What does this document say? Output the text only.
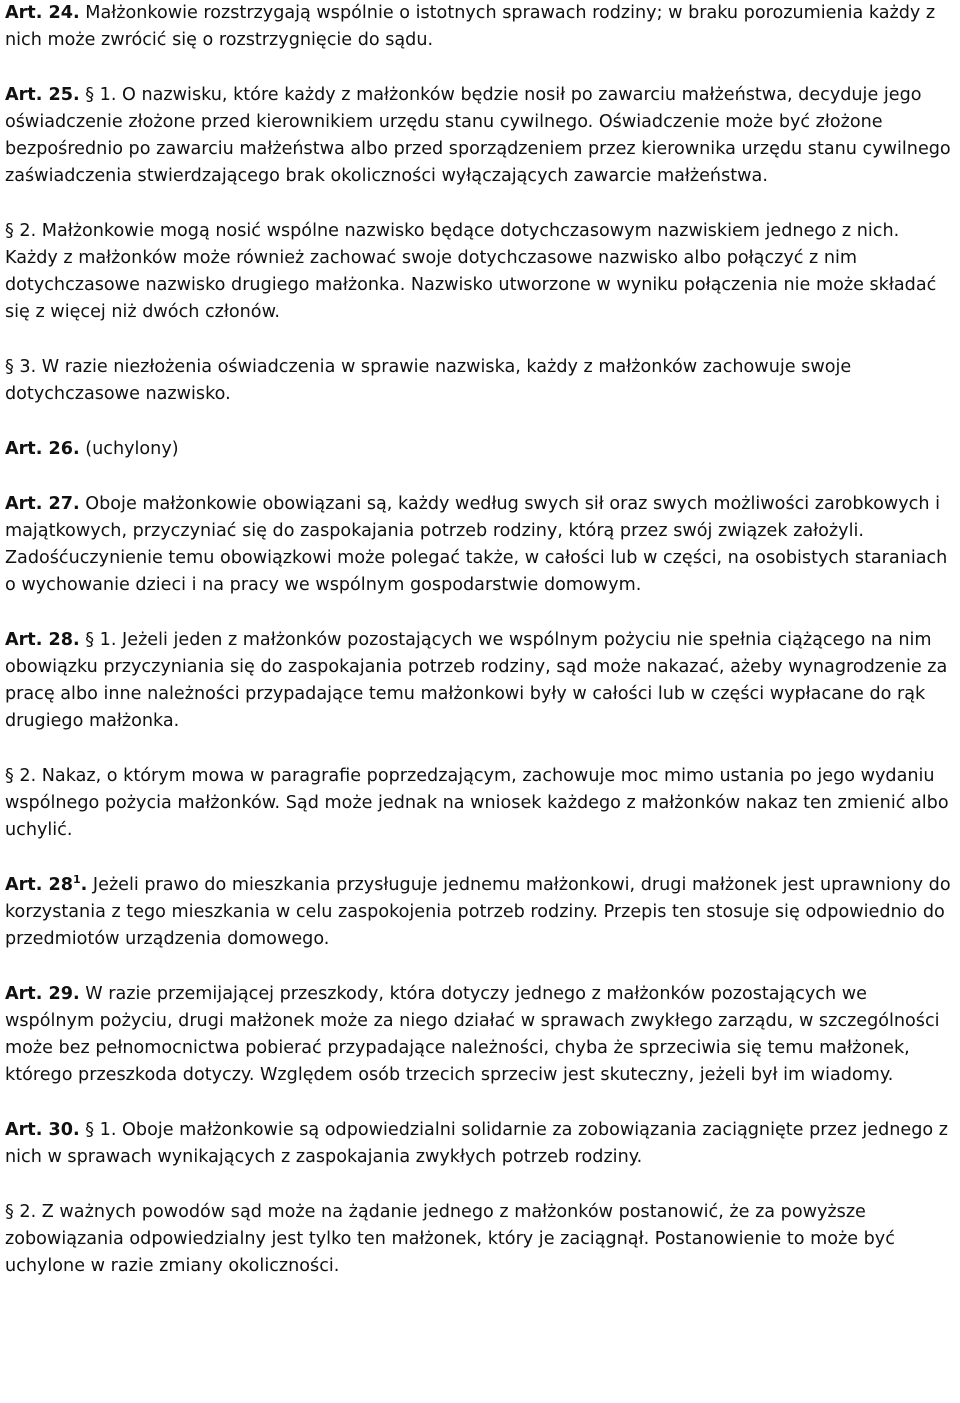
Art. 24. Małżonkowie rozstrzygają wspólnie o istotnych sprawach rodziny; w braku porozumienia każdy z nich może zwrócić się o rozstrzygnięcie do sądu.

Art. 25. § 1. O nazwisku, które każdy z małżonków będzie nosił po zawarciu małżeństwa, decyduje jego oświadczenie złożone przed kierownikiem urzędu stanu cywilnego. Oświadczenie może być złożone bezpośrednio po zawarciu małżeństwa albo przed sporządzeniem przez kierownika urzędu stanu cywilnego zaświadczenia stwierdzającego brak okoliczności wyłączających zawarcie małżeństwa.

§ 2. Małżonkowie mogą nosić wspólne nazwisko będące dotychczasowym nazwiskiem jednego z nich. Każdy z małżonków może również zachować swoje dotychczasowe nazwisko albo połączyć z nim dotychczasowe nazwisko drugiego małżonka. Nazwisko utworzone w wyniku połączenia nie może składać się z więcej niż dwóch członów.

§ 3. W razie niezłożenia oświadczenia w sprawie nazwiska, każdy z małżonków zachowuje swoje dotychczasowe nazwisko.

Art. 26. (uchylony)

Art. 27. Oboje małżonkowie obowiązani są, każdy według swych sił oraz swych możliwości zarobkowych i majątkowych, przyczyniać się do zaspokajania potrzeb rodziny, którą przez swój związek założyli. Zadośćuczynienie temu obowiązkowi może polegać także, w całości lub w części, na osobistych staraniach o wychowanie dzieci i na pracy we wspólnym gospodarstwie domowym.

Art. 28. § 1. Jeżeli jeden z małżonków pozostających we wspólnym pożyciu nie spełnia ciążącego na nim obowiązku przyczyniania się do zaspokajania potrzeb rodziny, sąd może nakazać, ażeby wynagrodzenie za pracę albo inne należności przypadające temu małżonkowi były w całości lub w części wypłacane do rąk drugiego małżonka.

§ 2. Nakaz, o którym mowa w paragrafie poprzedzającym, zachowuje moc mimo ustania po jego wydaniu wspólnego pożycia małżonków. Sąd może jednak na wniosek każdego z małżonków nakaz ten zmienić albo uchylić.

Art. $28^1$. Jeżeli prawo do mieszkania przysługuje jednemu małżonkowi, drugi małżonek jest uprawniony do korzystania z tego mieszkania w celu zaspokojenia potrzeb rodziny. Przepis ten stosuje się odpowiednio do przedmiotów urządzenia domowego.

Art. 29. W razie przemijającej przeszkody, która dotyczy jednego z małżonków pozostających we wspólnym pożyciu, drugi małżonek może za niego działać w sprawach zwykłego zarządu, w szczególności może bez pełnomocnictwa pobierać przypadające należności, chyba że sprzeciwia się temu małżonek, którego przeszkoda dotyczy. Względem osób trzecich sprzeciw jest skuteczny, jeżeli był im wiadomy.

Art. 30. § 1. Oboje małżonkowie są odpowiedzialni solidarnie za zobowiązania zaciągnięte przez jednego z nich w sprawach wynikających z zaspokajania zwykłych potrzeb rodziny.

§ 2. Z ważnych powodów sąd może na żądanie jednego z małżonków postanowić, że za powyższe zobowiązania odpowiedzialny jest tylko ten małżonek, który je zaciągnął. Postanowienie to może być uchylone w razie zmiany okoliczności.
